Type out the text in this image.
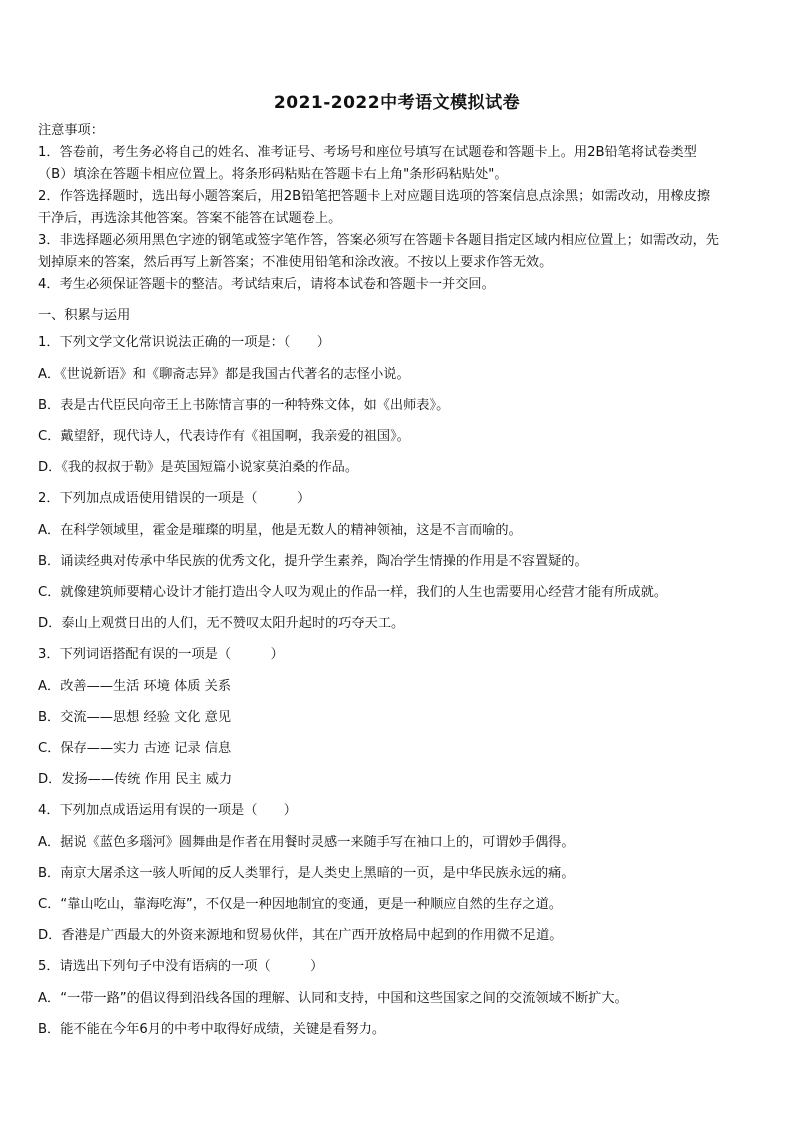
2021-2022中考语文模拟试卷
注意事项：
1．答卷前，考生务必将自己的姓名、准考证号、考场号和座位号填写在试题卷和答题卡上。用2B铅笔将试卷类型
（B）填涂在答题卡相应位置上。将条形码粘贴在答题卡右上角"条形码粘贴处"。
2．作答选择题时，选出每小题答案后，用2B铅笔把答题卡上对应题目选项的答案信息点涂黑；如需改动，用橡皮擦
干净后，再选涂其他答案。答案不能答在试题卷上。
3．非选择题必须用黑色字迹的钢笔或签字笔作答，答案必须写在答题卡各题目指定区域内相应位置上；如需改动，先
划掉原来的答案，然后再写上新答案；不准使用铅笔和涂改液。不按以上要求作答无效。
4．考生必须保证答题卡的整洁。考试结束后，请将本试卷和答题卡一并交回。
一、积累与运用
1．下列文学文化常识说法正确的一项是：（　　）
A．《世说新语》和《聊斋志异》都是我国古代著名的志怪小说。
B．表是古代臣民向帝王上书陈情言事的一种特殊文体，如《出师表》。
C．戴望舒，现代诗人，代表诗作有《祖国啊，我亲爱的祖国》。
D．《我的叔叔于勒》是英国短篇小说家莫泊桑的作品。
2．下列加点成语使用错误的一项是（　　　）
A．在科学领域里，霍金是璀璨的明星，他是无数人的精神领袖，这是不言而喻的。
B．诵读经典对传承中华民族的优秀文化，提升学生素养，陶冶学生情操的作用是不容置疑的。
C．就像建筑师要精心设计才能打造出令人叹为观止的作品一样，我们的人生也需要用心经营才能有所成就。
D．泰山上观赏日出的人们，无不赞叹太阳升起时的巧夺天工。
3．下列词语搭配有误的一项是（　　　）
A．改善——生活 环境 体质 关系
B．交流——思想 经验 文化 意见
C．保存——实力 古迹 记录 信息
D．发扬——传统 作用 民主 威力
4．下列加点成语运用有误的一项是（　　）
A．据说《蓝色多瑙河》圆舞曲是作者在用餐时灵感一来随手写在袖口上的，可谓妙手偶得。
B．南京大屠杀这一骇人听闻的反人类罪行，是人类史上黑暗的一页，是中华民族永远的痛。
C．“靠山吃山，靠海吃海”，不仅是一种因地制宜的变通，更是一种顺应自然的生存之道。
D．香港是广西最大的外资来源地和贸易伙伴，其在广西开放格局中起到的作用微不足道。
5．请选出下列句子中没有语病的一项（　　　）
A．“一带一路”的倡议得到沿线各国的理解、认同和支持，中国和这些国家之间的交流领域不断扩大。
B．能不能在今年6月的中考中取得好成绩，关键是看努力。
